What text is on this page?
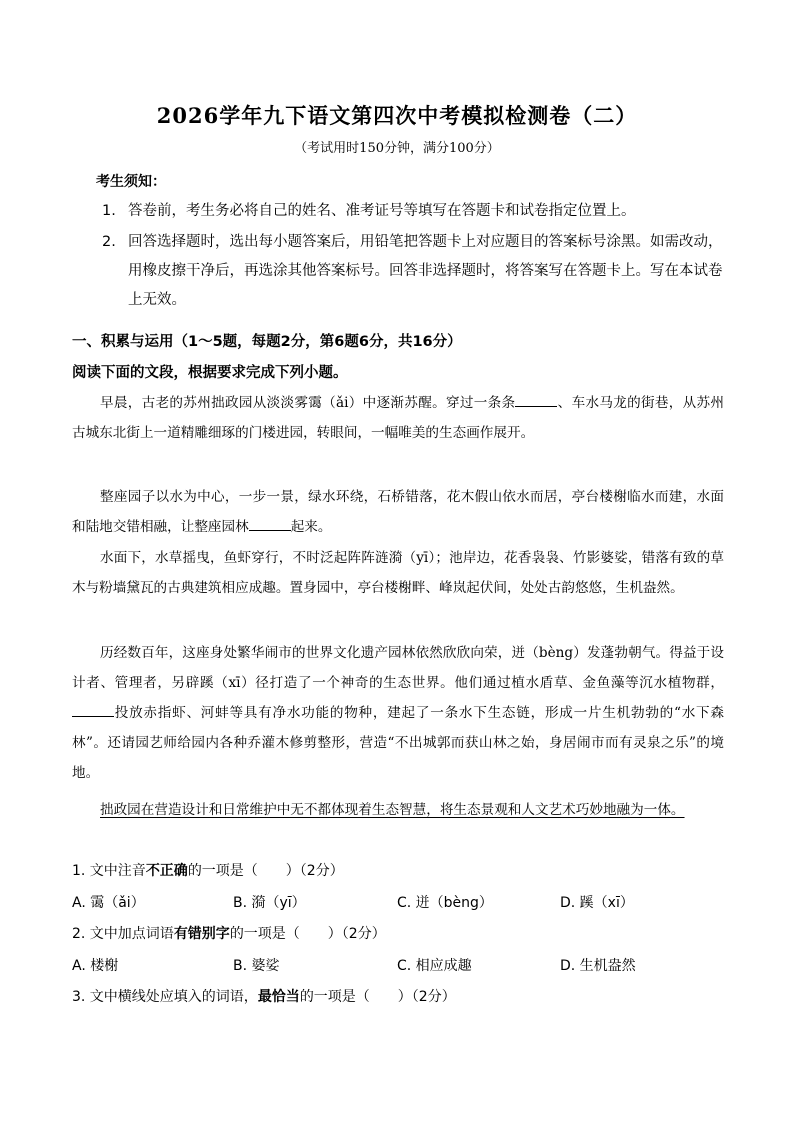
2026学年九下语文第四次中考模拟检测卷（二）
（考试用时150分钟，满分100分）
考生须知：
1. 答卷前，考生务必将自己的姓名、准考证号等填写在答题卡和试卷指定位置上。
2. 回答选择题时，选出每小题答案后，用铅笔把答题卡上对应题目的答案标号涂黑。如需改动，用橡皮擦干净后，再选涂其他答案标号。回答非选择题时，将答案写在答题卡上。写在本试卷上无效。
一、积累与运用（1～5题，每题2分，第6题6分，共16分）
阅读下面的文段，根据要求完成下列小题。
早晨，古老的苏州拙政园从淡淡雾霭（ǎi）中逐渐苏醒。穿过一条条	、车水马龙的街巷，从苏州古城东北街上一道精雕细琢的门楼进园，转眼间，一幅唯美的生态画作展开。
整座园子以水为中心，一步一景，绿水环绕，石桥错落，花木假山依水而居，亭台楼榭临水而建，水面和陆地交错相融，让整座园林	起来。
水面下，水草摇曳，鱼虾穿行，不时泛起阵阵涟漪（yī）；池岸边，花香袅袅、竹影婆娑，错落有致的草木与粉墙黛瓦的古典建筑相应成趣。置身园中，亭台楼榭畔、峰岚起伏间，处处古韵悠悠，生机盎然。
历经数百年，这座身处繁华闹市的世界文化遗产园林依然欣欣向荣，迸（bèng）发蓬勃朝气。得益于设计者、管理者，另辟蹊（xī）径打造了一个神奇的生态世界。他们通过植水盾草、金鱼藻等沉水植物群，投放赤指虾、河蚌等具有净水功能的物种，建起了一条水下生态链，形成一片生机勃勃的“水下森林”。还请园艺师给园内各种乔灌木修剪整形，营造“不出城郭而获山林之始，身居闹市而有灵泉之乐”的境地。
拙政园在营造设计和日常维护中无不都体现着生态智慧，将生态景观和人文艺术巧妙地融为一体。
1. 文中注音不正确的一项是（　　）（2分）
A. 霭（ǎi）	B. 漪（yī）	C. 迸（bèng）	D. 蹊（xī）
2. 文中加点词语有错别字的一项是（　　）（2分）
A. 楼榭	B. 婆娑	C. 相应成趣	D. 生机盎然
3. 文中横线处应填入的词语，最恰当的一项是（　　）（2分）
